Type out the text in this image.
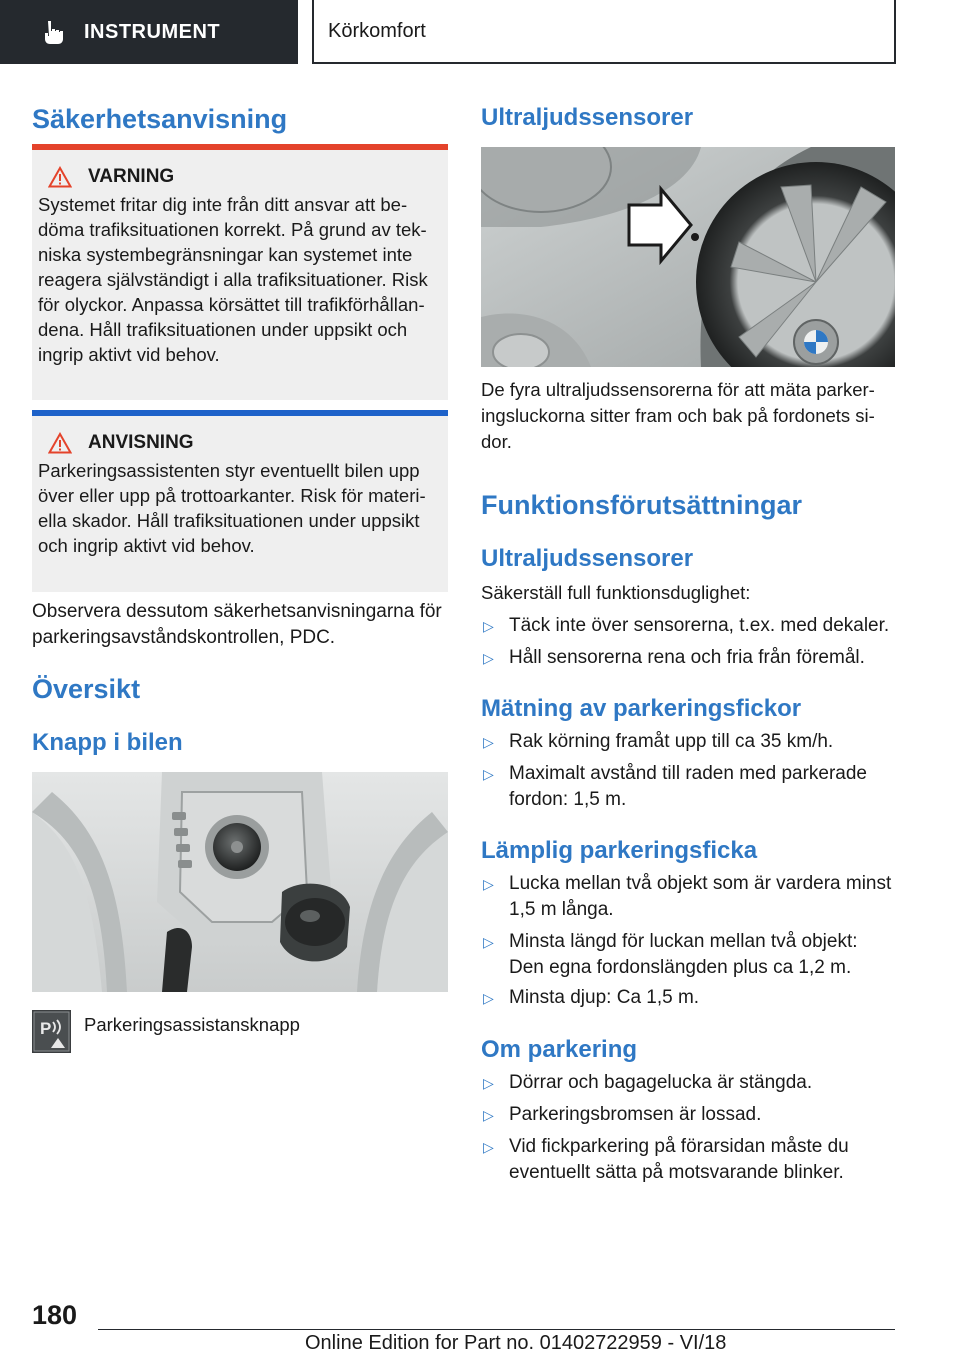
INSTRUMENT	Körkomfort
Säkerhetsanvisning
VARNING
Systemet fritar dig inte från ditt ansvar att be‐
döma trafiksituationen korrekt. På grund av tek‐
niska systembegränsningar kan systemet inte
reagera självständigt i alla trafiksituationer. Risk
för olyckor. Anpassa körsättet till trafikförhållan‐
dena. Håll trafiksituationen under uppsikt och
ingrip aktivt vid behov.
ANVISNING
Parkeringsassistenten styr eventuellt bilen upp
över eller upp på trottoarkanter. Risk för materi‐
ella skador. Håll trafiksituationen under uppsikt
och ingrip aktivt vid behov.
Observera dessutom säkerhetsanvisningarna för
parkeringsavståndskontrollen, PDC.
Översikt
Knapp i bilen
P Parkeringsassistansknapp
Ultraljudssensorer
De fyra ultraljudssensorerna för att mäta parker‐
ingsluckorna sitter fram och bak på fordonets si‐
dor.
Funktionsförutsättningar
Ultraljudssensorer
Säkerställ full funktionsduglighet:
▷ Täck inte över sensorerna, t.ex. med dekaler.
▷ Håll sensorerna rena och fria från föremål.
Mätning av parkeringsfickor
▷ Rak körning framåt upp till ca 35 km/h.
▷ Maximalt avstånd till raden med parkerade
fordon: 1,5 m.
Lämplig parkeringsficka
▷ Lucka mellan två objekt som är vardera minst
1,5 m långa.
▷ Minsta längd för luckan mellan två objekt:
Den egna fordonslängden plus ca 1,2 m.
▷ Minsta djup: Ca 1,5 m.
Om parkering
▷ Dörrar och bagagelucka är stängda.
▷ Parkeringsbromsen är lossad.
▷ Vid fickparkering på förarsidan måste du
eventuellt sätta på motsvarande blinker.
180
Online Edition for Part no. 01402722959 - VI/18
